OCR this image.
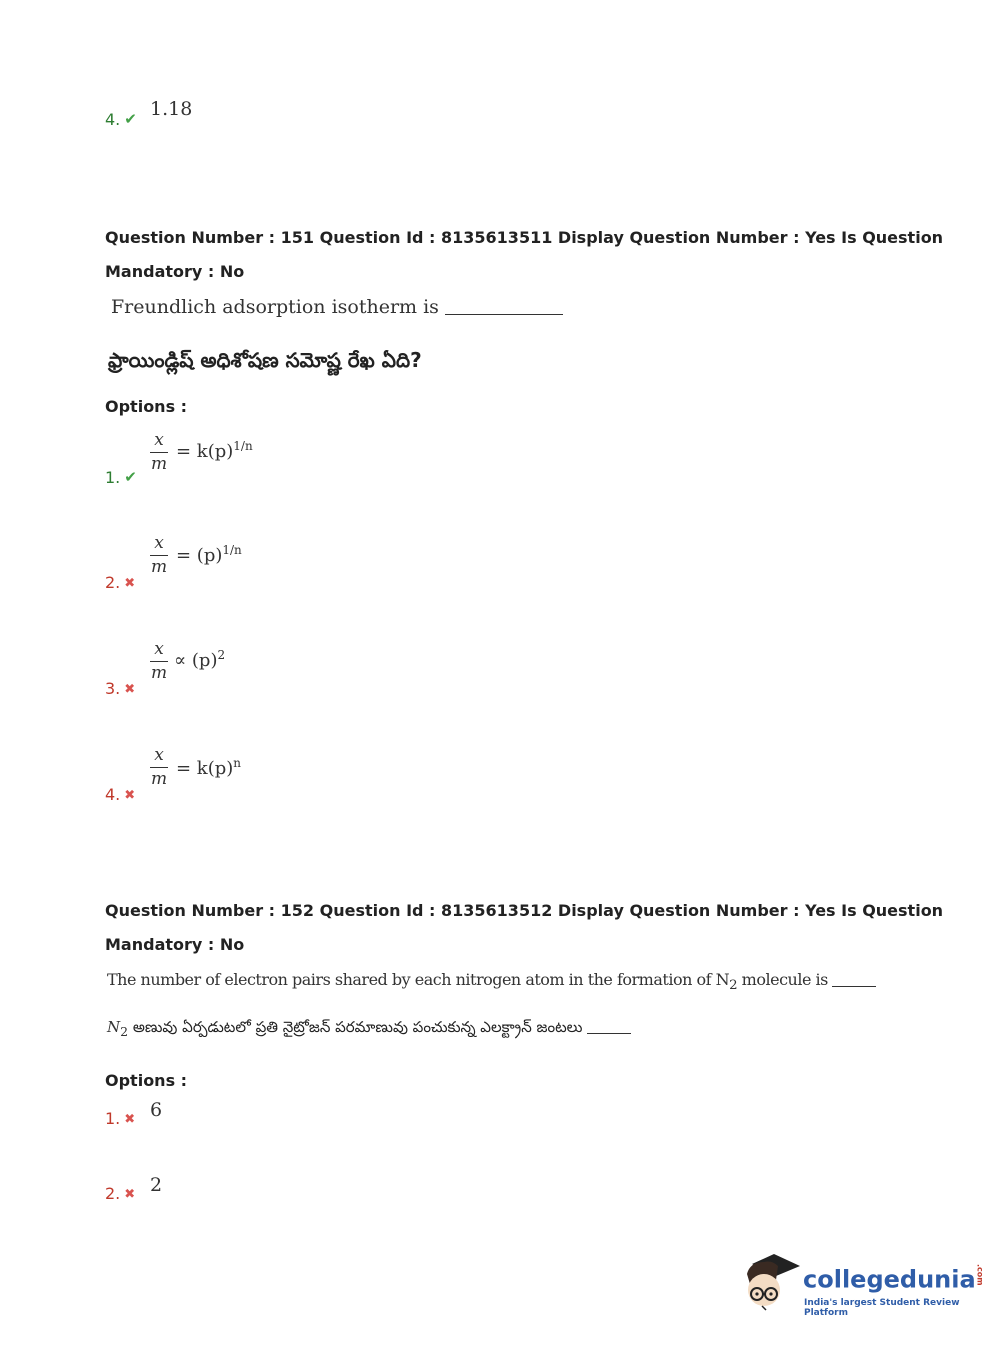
4. ✔ 1.18
Question Number : 151 Question Id : 8135613511 Display Question Number : Yes Is Question
Mandatory : No
Freundlich adsorption isotherm is
ఫ్రాయిండ్లిష్ అధిశోషణ సమోష్ణ రేఖ ఏది?
Options :
1. ✔
x
m
= $k(p)^{1/n}$
2. ✖
x
m
= $(p)^{1/n}$
3. ✖
x
m
∝ $(p)^2$
4. ✖
x
$m = k(p)^n$
Question Number : 152 Question Id : 8135613512 Display Question Number : Yes Is Question
Mandatory : No
The number of electron pairs shared by each nitrogen atom in the formation of $N_2$ molecule is
$N_2$ అణువు ఏర్పడుటలో ప్రతి నైట్రోజన్ పరమాణువు పంచుకున్న ఎలక్ట్రాన్ జంటలు
Options :
1. ✖ 6
2. ✖ 2
collegedunia.com
India's largest Student Review Platform
